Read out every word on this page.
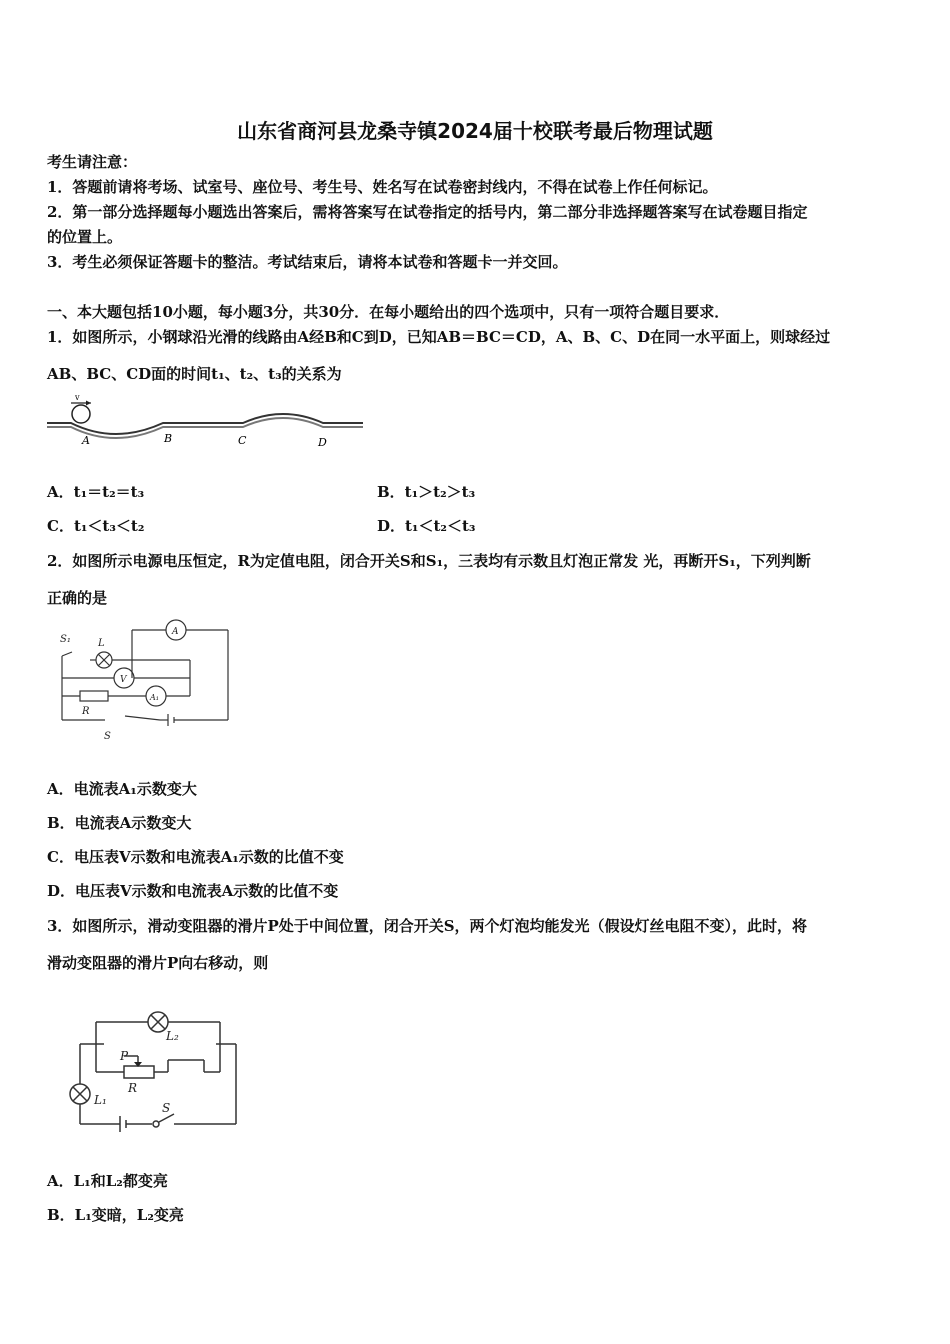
山东省商河县龙桑寺镇2024届十校联考最后物理试题
考生请注意：
1．答题前请将考场、试室号、座位号、考生号、姓名写在试卷密封线内，不得在试卷上作任何标记。
2．第一部分选择题每小题选出答案后，需将答案写在试卷指定的括号内，第二部分非选择题答案写在试卷题目指定
的位置上。
3．考生必须保证答题卡的整洁。考试结束后，请将本试卷和答题卡一并交回。
一、本大题包括10小题，每小题3分，共30分．在每小题给出的四个选项中，只有一项符合题目要求．
1．如图所示，小钢球沿光滑的线路由A经B和C到D，已知AB＝BC＝CD，A、B、C、D在同一水平面上，则球经过
AB、BC、CD面的时间t₁、t₂、t₃的关系为
v
A	B	C	D
A．t₁＝t₂＝t₃	B．t₁＞t₂＞t₃
C．t₁＜t₃＜t₂	D．t₁＜t₂＜t₃
2．如图所示电源电压恒定，R为定值电阻，闭合开关S和S₁，三表均有示数且灯泡正常发 光，再断开S₁，下列判断
正确的是
S₁	L
A
V
A₁
R
S
A．电流表A₁示数变大
B．电流表A示数变大
C．电压表V示数和电流表A₁示数的比值不变
D．电压表V示数和电流表A示数的比值不变
3．如图所示，滑动变阻器的滑片P处于中间位置，闭合开关S，两个灯泡均能发光（假设灯丝电阻不变），此时，将
滑动变阻器的滑片P向右移动，则
L₂
P
R
L₁
S
A．L₁和L₂都变亮
B．L₁变暗，L₂变亮
